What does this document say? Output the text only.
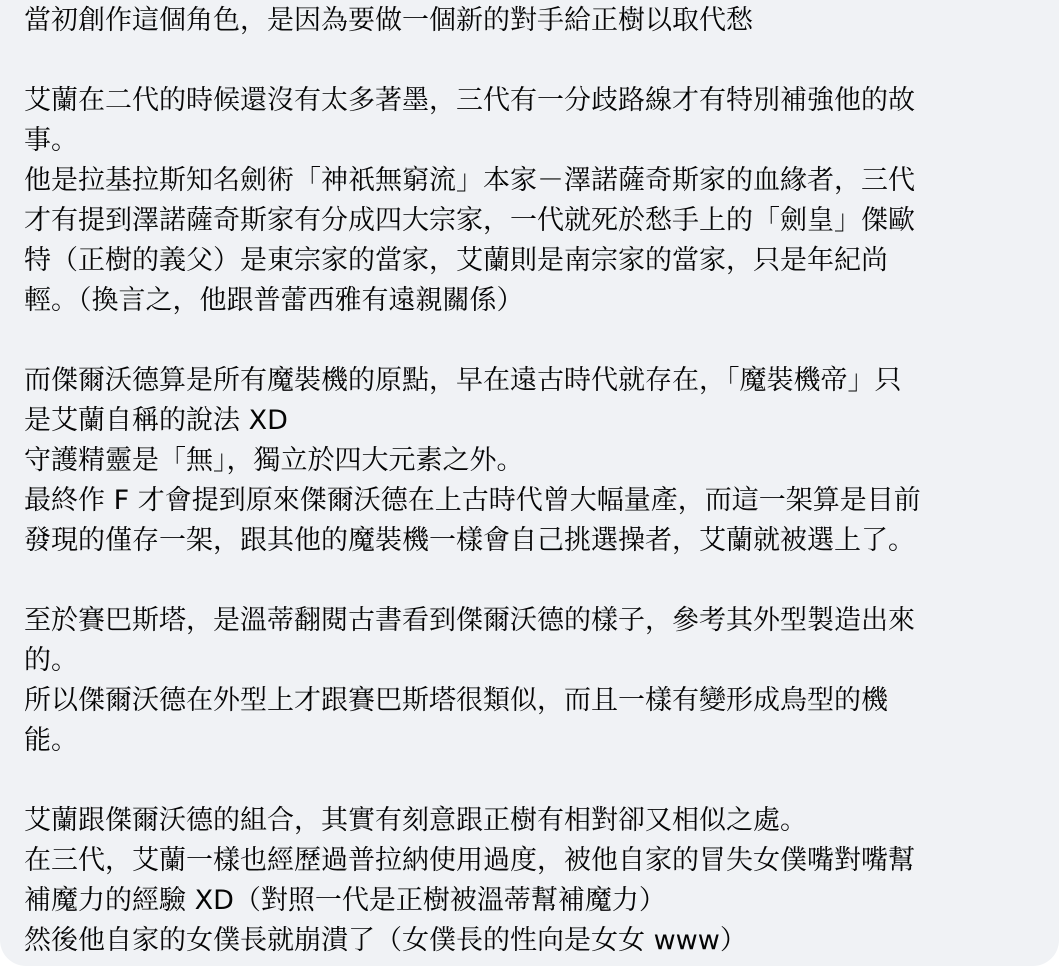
當初創作這個角色，是因為要做一個新的對手給正樹以取代愁
艾蘭在二代的時候還沒有太多著墨，三代有一分歧路線才有特別補強他的故
事。
他是拉基拉斯知名劍術「神祇無窮流」本家－澤諾薩奇斯家的血緣者，三代
才有提到澤諾薩奇斯家有分成四大宗家，一代就死於愁手上的「劍皇」傑歐
特（正樹的義父）是東宗家的當家，艾蘭則是南宗家的當家，只是年紀尚
輕。（換言之，他跟普蕾西雅有遠親關係）
而傑爾沃德算是所有魔裝機的原點，早在遠古時代就存在，「魔裝機帝」只
是艾蘭自稱的說法 XD
守護精靈是「無」，獨立於四大元素之外。
最終作 F 才會提到原來傑爾沃德在上古時代曾大幅量產，而這一架算是目前
發現的僅存一架，跟其他的魔裝機一樣會自己挑選操者，艾蘭就被選上了。
至於賽巴斯塔，是溫蒂翻閱古書看到傑爾沃德的樣子，參考其外型製造出來
的。
所以傑爾沃德在外型上才跟賽巴斯塔很類似，而且一樣有變形成鳥型的機
能。
艾蘭跟傑爾沃德的組合，其實有刻意跟正樹有相對卻又相似之處。
在三代，艾蘭一樣也經歷過普拉納使用過度，被他自家的冒失女僕嘴對嘴幫
補魔力的經驗 XD（對照一代是正樹被溫蒂幫補魔力）
然後他自家的女僕長就崩潰了（女僕長的性向是女女 www）
